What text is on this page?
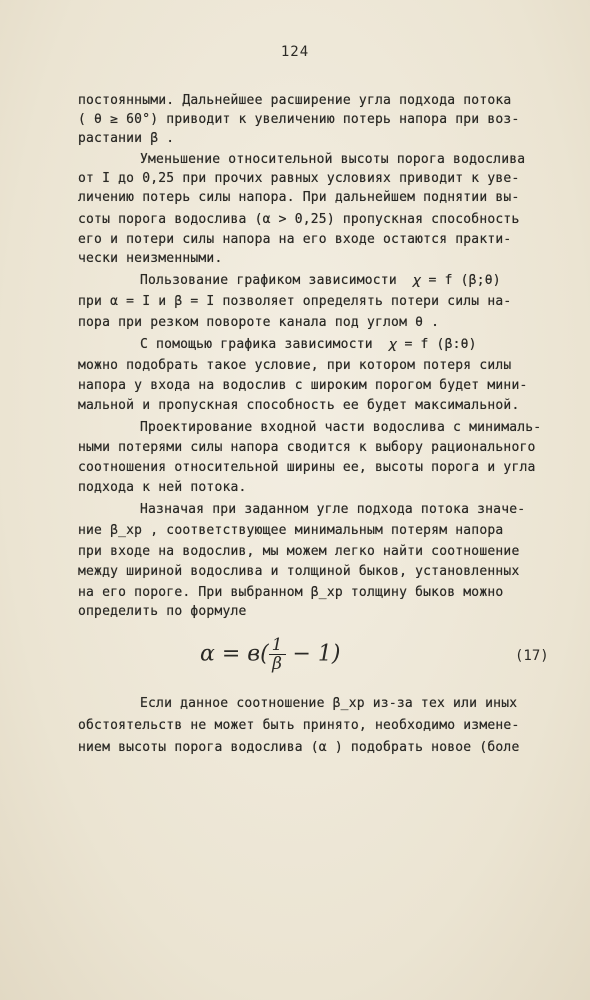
124
постоянными. Дальнейшее расширение угла подхода потока
( θ ≥ 60°) приводит к увеличению потерь напора при воз-
растании β .
Уменьшение относительной высоты порога водослива
от I до 0,25 при прочих равных условиях приводит к уве-
личению потерь силы напора. При дальнейшем поднятии вы-
соты порога водослива (α > 0,25) пропускная способность
его и потери силы напора на его входе остаются практи-
чески неизменными.
Пользование графиком зависимости  𝜒 = f (β;θ)
при α = I и β = I позволяет определять потери силы на-
пора при резком повороте канала под углом θ .
С помощью графика зависимости  𝜒 = f (β:θ)
можно подобрать такое условие, при котором потеря силы
напора у входа на водослив с широким порогом будет мини-
мальной и пропускная способность ее будет максимальной.
Проектирование входной части водослива с минималь-
ными потерями силы напора сводится к выбору рационального
соотношения относительной ширины ее, высоты порога и угла
подхода к ней потока.
Назначая при заданном угле подхода потока значе-
ние β_хр , соответствующее минимальным потерям напора
при входе на водослив, мы можем легко найти соотношение
между шириной водослива и толщиной быков, установленных
на его пороге. При выбранном β_хр толщину быков можно
определить по формуле
$\alpha = в( \frac{1}{\beta} - 1)$	(17)
Если данное соотношение β_хр из-за тех или иных
обстоятельств не может быть принято, необходимо измене-
нием высоты порога водослива (α ) подобрать новое (боле
